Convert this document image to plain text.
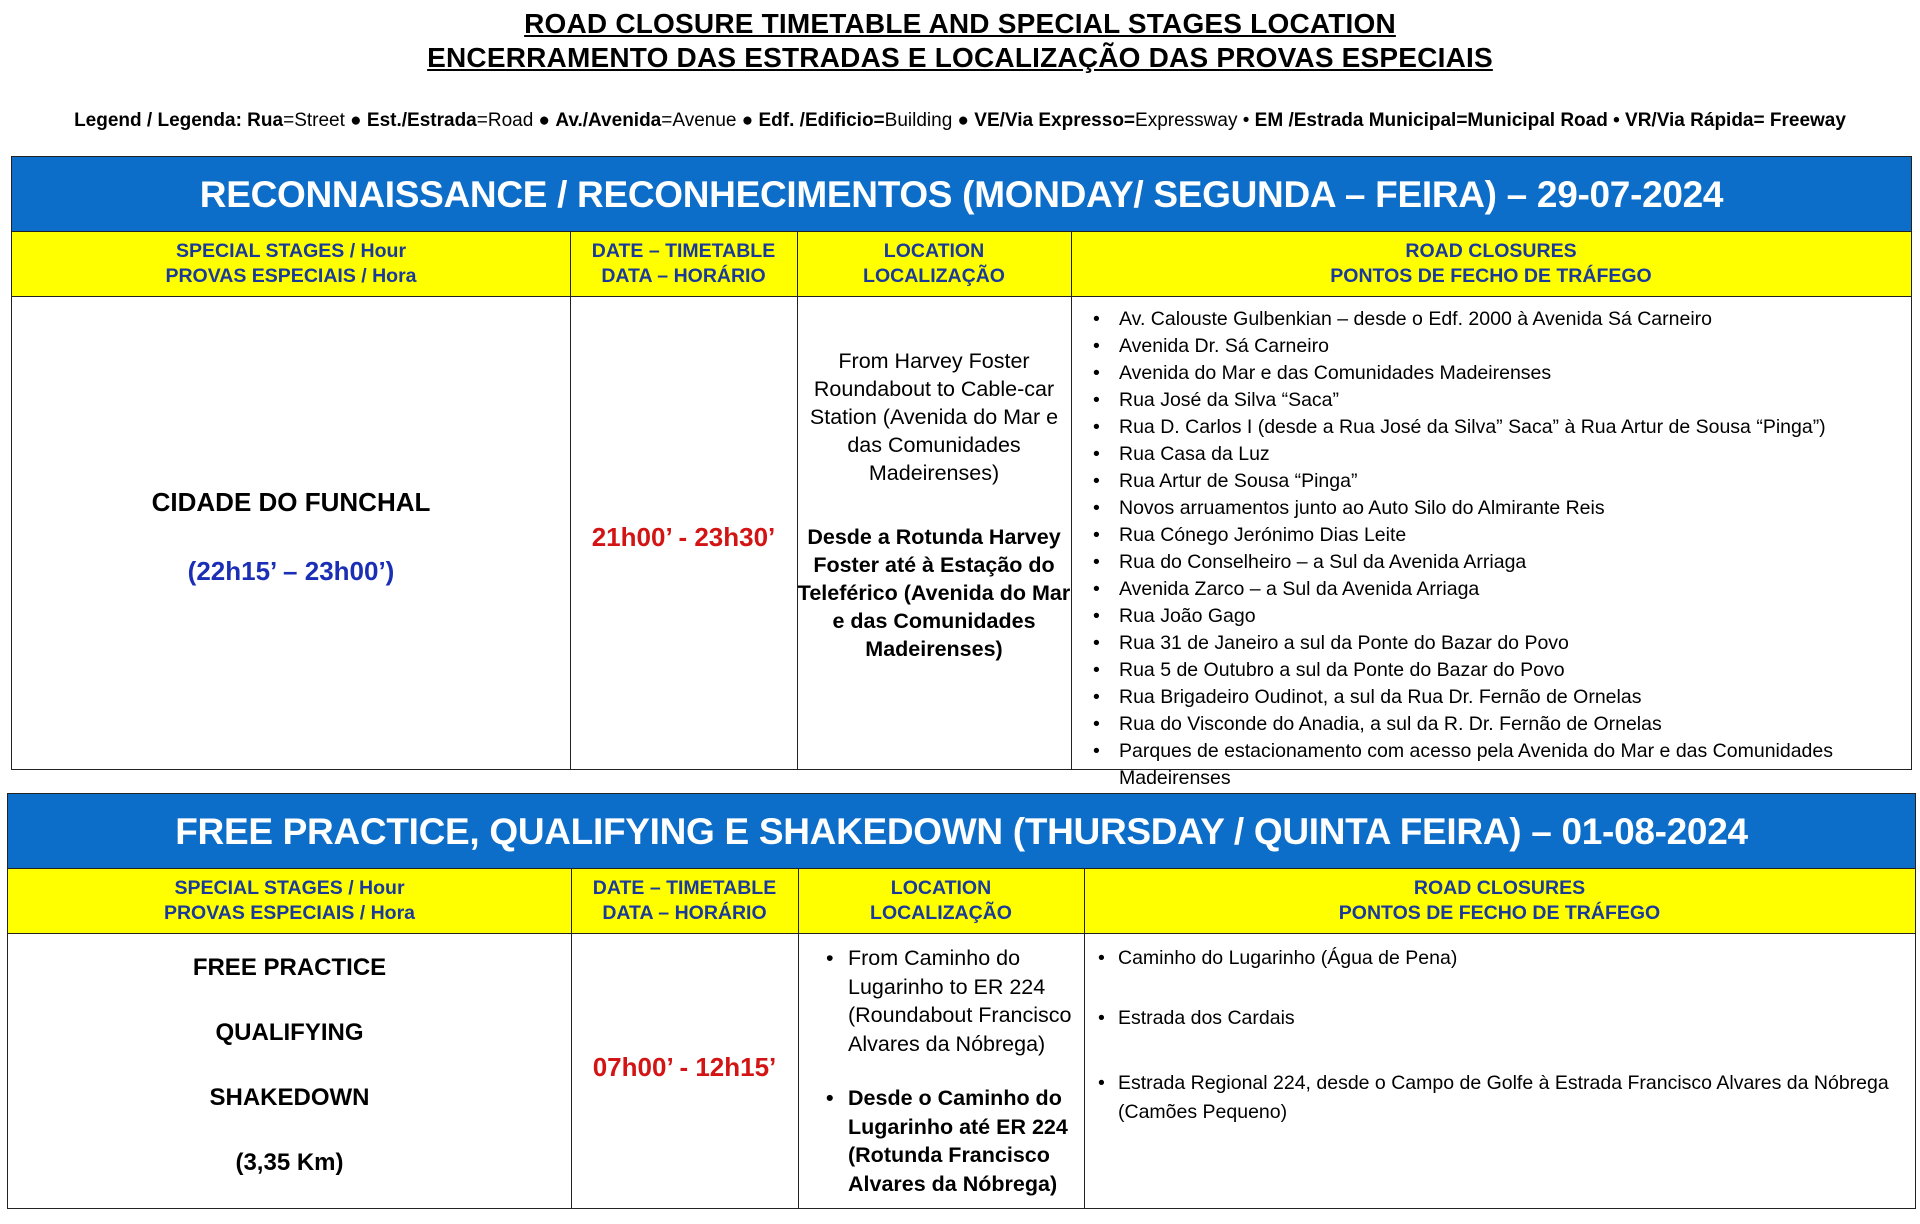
ROAD CLOSURE TIMETABLE AND SPECIAL STAGES LOCATION
ENCERRAMENTO DAS ESTRADAS E LOCALIZAÇÃO DAS PROVAS ESPECIAIS
Legend / Legenda: Rua=Street ● Est./Estrada=Road ● Av./Avenida=Avenue ● Edf. /Edificio=Building ● VE/Via Expresso=Expressway • EM /Estrada Municipal=Municipal Road • VR/Via Rápida= Freeway
RECONNAISSANCE / RECONHECIMENTOS (MONDAY/ SEGUNDA – FEIRA) – 29-07-2024
SPECIAL STAGES / Hour
PROVAS ESPECIAIS / Hora
DATE – TIMETABLE
DATA – HORÁRIO
LOCATION
LOCALIZAÇÃO
ROAD CLOSURES
PONTOS DE FECHO DE TRÁFEGO
CIDADE DO FUNCHAL
(22h15’ – 23h00’)
21h00’ - 23h30’
From Harvey Foster
Roundabout to Cable-car
Station (Avenida do Mar e
das Comunidades
Madeirenses)
Desde a Rotunda Harvey
Foster até à Estação do
Teleférico (Avenida do Mar
e das Comunidades
Madeirenses)
• Av. Calouste Gulbenkian – desde o Edf. 2000 à Avenida Sá Carneiro
• Avenida Dr. Sá Carneiro
• Avenida do Mar e das Comunidades Madeirenses
• Rua José da Silva “Saca”
• Rua D. Carlos I (desde a Rua José da Silva” Saca” à Rua Artur de Sousa “Pinga”)
• Rua Casa da Luz
• Rua Artur de Sousa “Pinga”
• Novos arruamentos junto ao Auto Silo do Almirante Reis
• Rua Cónego Jerónimo Dias Leite
• Rua do Conselheiro – a Sul da Avenida Arriaga
• Avenida Zarco – a Sul da Avenida Arriaga
• Rua João Gago
• Rua 31 de Janeiro a sul da Ponte do Bazar do Povo
• Rua 5 de Outubro a sul da Ponte do Bazar do Povo
• Rua Brigadeiro Oudinot, a sul da Rua Dr. Fernão de Ornelas
• Rua do Visconde do Anadia, a sul da R. Dr. Fernão de Ornelas
• Parques de estacionamento com acesso pela Avenida do Mar e das Comunidades Madeirenses
FREE PRACTICE, QUALIFYING E SHAKEDOWN (THURSDAY / QUINTA FEIRA) – 01-08-2024
SPECIAL STAGES / Hour
PROVAS ESPECIAIS / Hora
DATE – TIMETABLE
DATA – HORÁRIO
LOCATION
LOCALIZAÇÃO
ROAD CLOSURES
PONTOS DE FECHO DE TRÁFEGO
FREE PRACTICE
QUALIFYING
SHAKEDOWN
(3,35 Km)
07h00’ - 12h15’
• From Caminho do Lugarinho to ER 224 (Roundabout Francisco Alvares da Nóbrega)
• Desde o Caminho do Lugarinho até ER 224 (Rotunda Francisco Alvares da Nóbrega)
• Caminho do Lugarinho (Água de Pena)
• Estrada dos Cardais
• Estrada Regional 224, desde o Campo de Golfe à Estrada Francisco Alvares da Nóbrega (Camões Pequeno)
